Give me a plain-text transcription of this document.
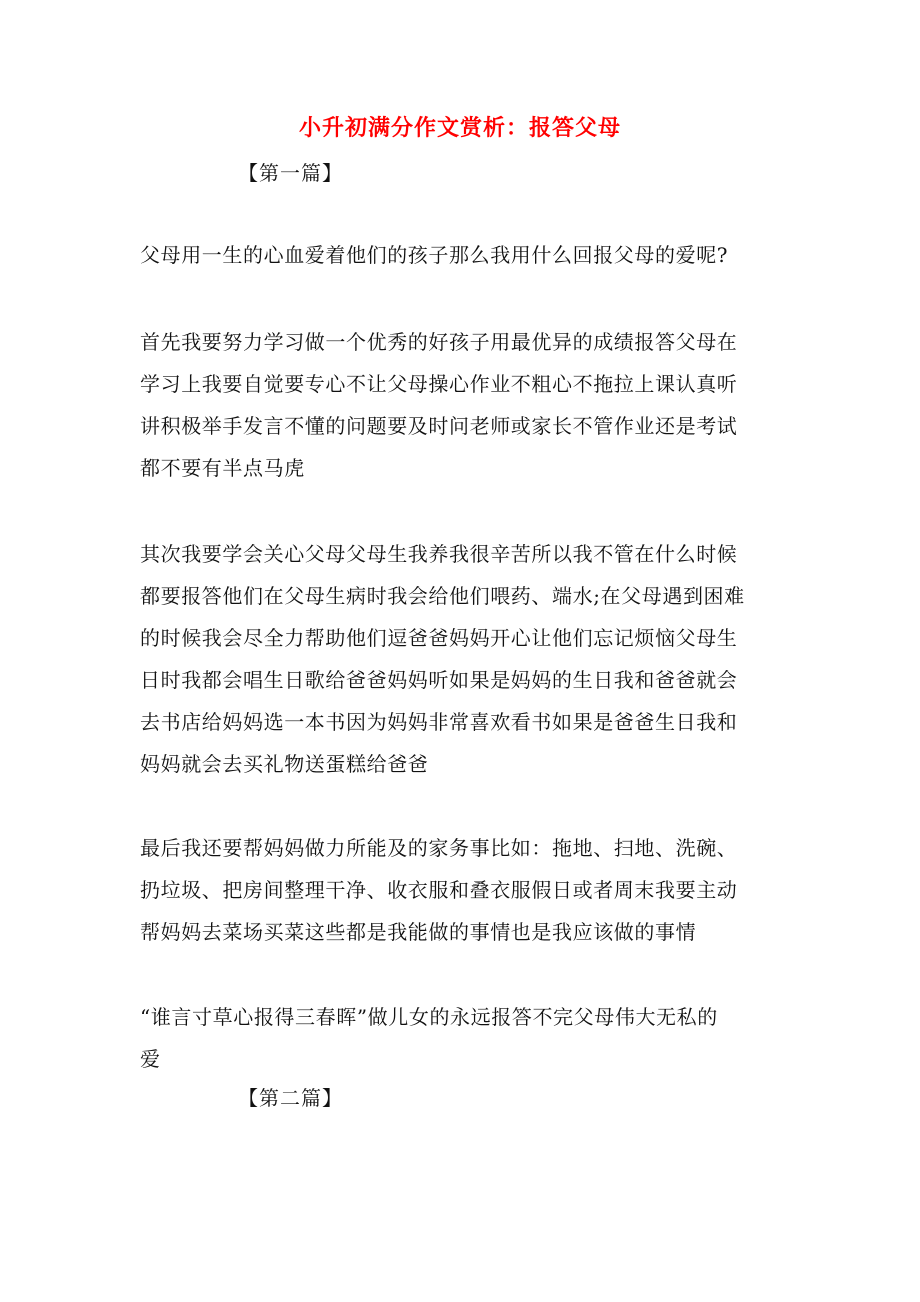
小升初满分作文赏析：报答父母
【第一篇】
父母用一生的心血爱着他们的孩子那么我用什么回报父母的爱呢?
首先我要努力学习做一个优秀的好孩子用最优异的成绩报答父母在
学习上我要自觉要专心不让父母操心作业不粗心不拖拉上课认真听
讲积极举手发言不懂的问题要及时问老师或家长不管作业还是考试
都不要有半点马虎
其次我要学会关心父母父母生我养我很辛苦所以我不管在什么时候
都要报答他们在父母生病时我会给他们喂药、端水;在父母遇到困难
的时候我会尽全力帮助他们逗爸爸妈妈开心让他们忘记烦恼父母生
日时我都会唱生日歌给爸爸妈妈听如果是妈妈的生日我和爸爸就会
去书店给妈妈选一本书因为妈妈非常喜欢看书如果是爸爸生日我和
妈妈就会去买礼物送蛋糕给爸爸
最后我还要帮妈妈做力所能及的家务事比如：拖地、扫地、洗碗、
扔垃圾、把房间整理干净、收衣服和叠衣服假日或者周末我要主动
帮妈妈去菜场买菜这些都是我能做的事情也是我应该做的事情
“谁言寸草心报得三春晖”做儿女的永远报答不完父母伟大无私的
爱
【第二篇】
